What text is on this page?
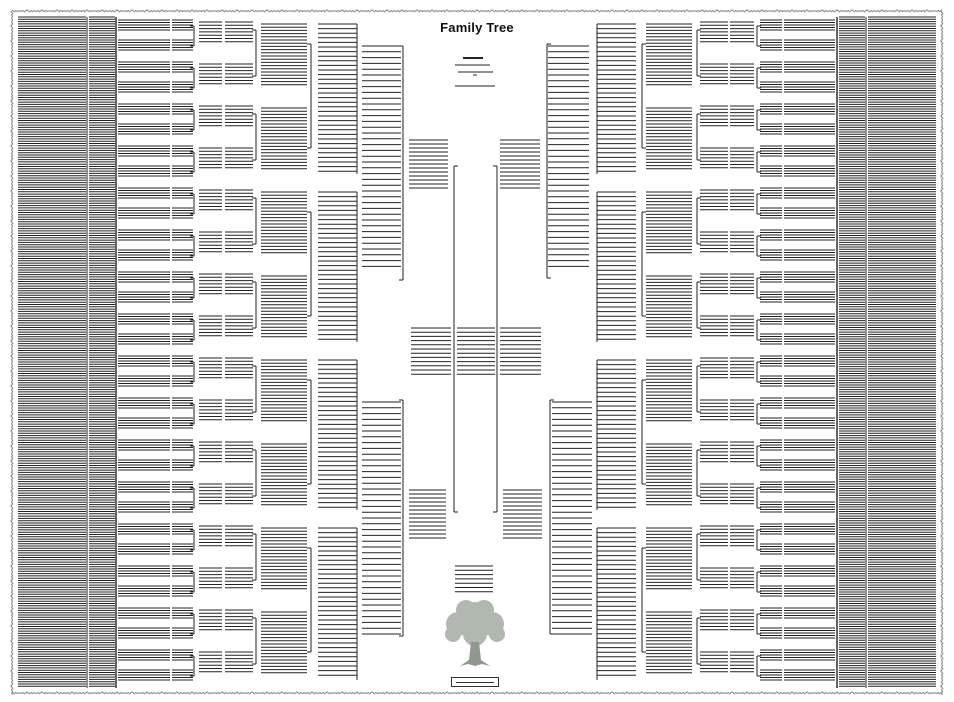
Family Tree
